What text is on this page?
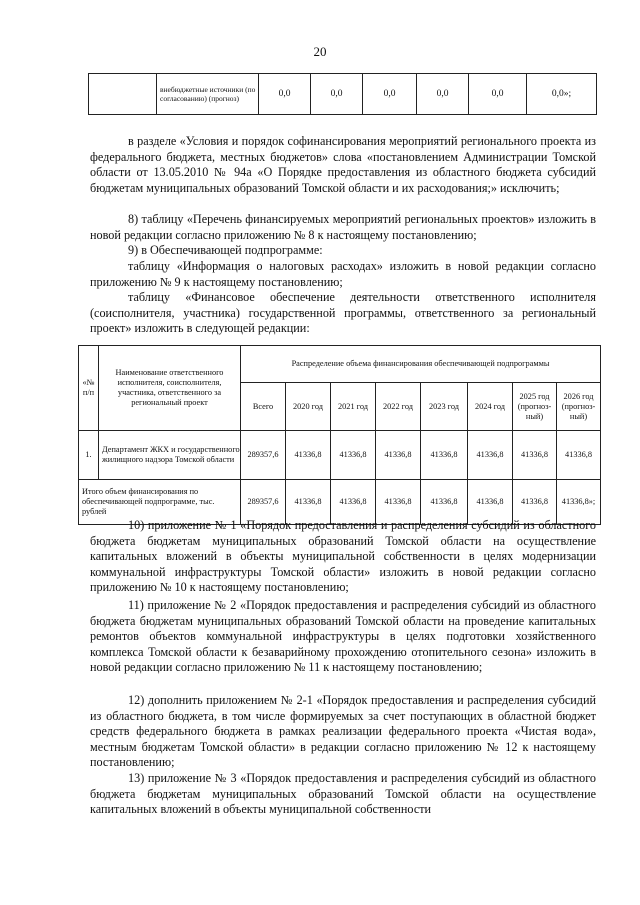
20
	внебюджетные источники (по согласованию) (прогноз)	0,0	0,0	0,0	0,0	0,0	0,0»;

в разделе «Условия и порядок софинансирования мероприятий регионального проекта из федерального бюджета, местных бюджетов» слова «постановлением Администрации Томской области от 13.05.2010 № 94а «О Порядке предоставления из областного бюджета субсидий бюджетам муниципальных образований Томской области и их расходования;» исключить;

8) таблицу «Перечень финансируемых мероприятий региональных проектов» изложить в новой редакции согласно приложению № 8 к настоящему постановлению;

9) в Обеспечивающей подпрограмме:

таблицу «Информация о налоговых расходах» изложить в новой редакции согласно приложению № 9 к настоящему постановлению;

таблицу «Финансовое обеспечение деятельности ответственного исполнителя (соисполнителя, участника) государственной программы, ответственного за региональный проект» изложить в следующей редакции:

«№ п/п	Наименование ответственного исполнителя, соисполнителя, участника, ответственного за региональный проект	Распределение объема финансирования обеспечивающей подпрограммы							
		Всего	2020 год	2021 год	2022 год	2023 год	2024 год	2025 год (прогноз-ный)	2026 год (прогноз-ный)
1.	Департамент ЖКХ и государственного жилищного надзора Томской области	289357,6	41336,8	41336,8	41336,8	41336,8	41336,8	41336,8	41336,8
Итого объем финансирования по обеспечивающей подпрограмме, тыс. рублей		289357,6	41336,8	41336,8	41336,8	41336,8	41336,8	41336,8	41336,8»;

10) приложение № 1 «Порядок предоставления и распределения субсидий из областного бюджета бюджетам муниципальных образований Томской области на осуществление капитальных вложений в объекты муниципальной собственности в целях модернизации коммунальной инфраструктуры Томской области» изложить в новой редакции согласно приложению № 10 к настоящему постановлению;

11) приложение № 2 «Порядок предоставления и распределения субсидий из областного бюджета бюджетам муниципальных образований Томской области на проведение капитальных ремонтов объектов коммунальной инфраструктуры в целях подготовки хозяйственного комплекса Томской области к безаварийному прохождению отопительного сезона» изложить в новой редакции согласно приложению № 11 к настоящему постановлению;

12) дополнить приложением № 2-1 «Порядок предоставления и распределения субсидий из областного бюджета, в том числе формируемых за счет поступающих в областной бюджет средств федерального бюджета в рамках реализации федерального проекта «Чистая вода», местным бюджетам Томской области» в редакции согласно приложению № 12 к настоящему постановлению;

13) приложение № 3 «Порядок предоставления и распределения субсидий из областного бюджета бюджетам муниципальных образований Томской области на осуществление капитальных вложений в объекты муниципальной собственности
